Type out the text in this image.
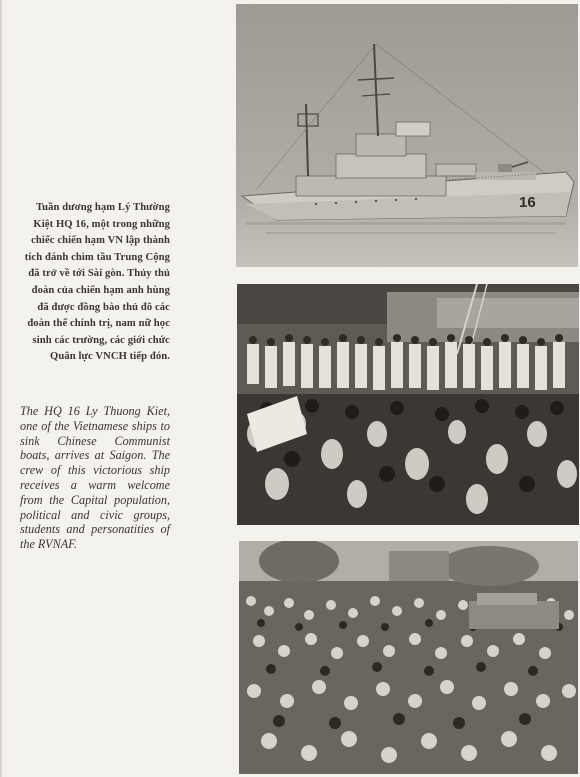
Tuần dương hạm Lý Thường Kiệt HQ 16, một trong những chiếc chiến hạm VN lập thành tích đánh chìm tầu Trung Cộng đã trở về tới Sài gòn. Thủy thủ đoàn của chiến hạm anh hùng đã được đồng bào thủ đô các đoàn thể chính trị, nam nữ học sinh các trường, các giới chức Quân lực VNCH tiếp đón.
The HQ 16 Ly Thuong Kiet, one of the Vietnamese ships to sink Chinese Communist boats, arrives at Saigon. The crew of this victorious ship receives a warm welcome from the Capital population, political and civic groups, students and personatities of the RVNAF.
16
